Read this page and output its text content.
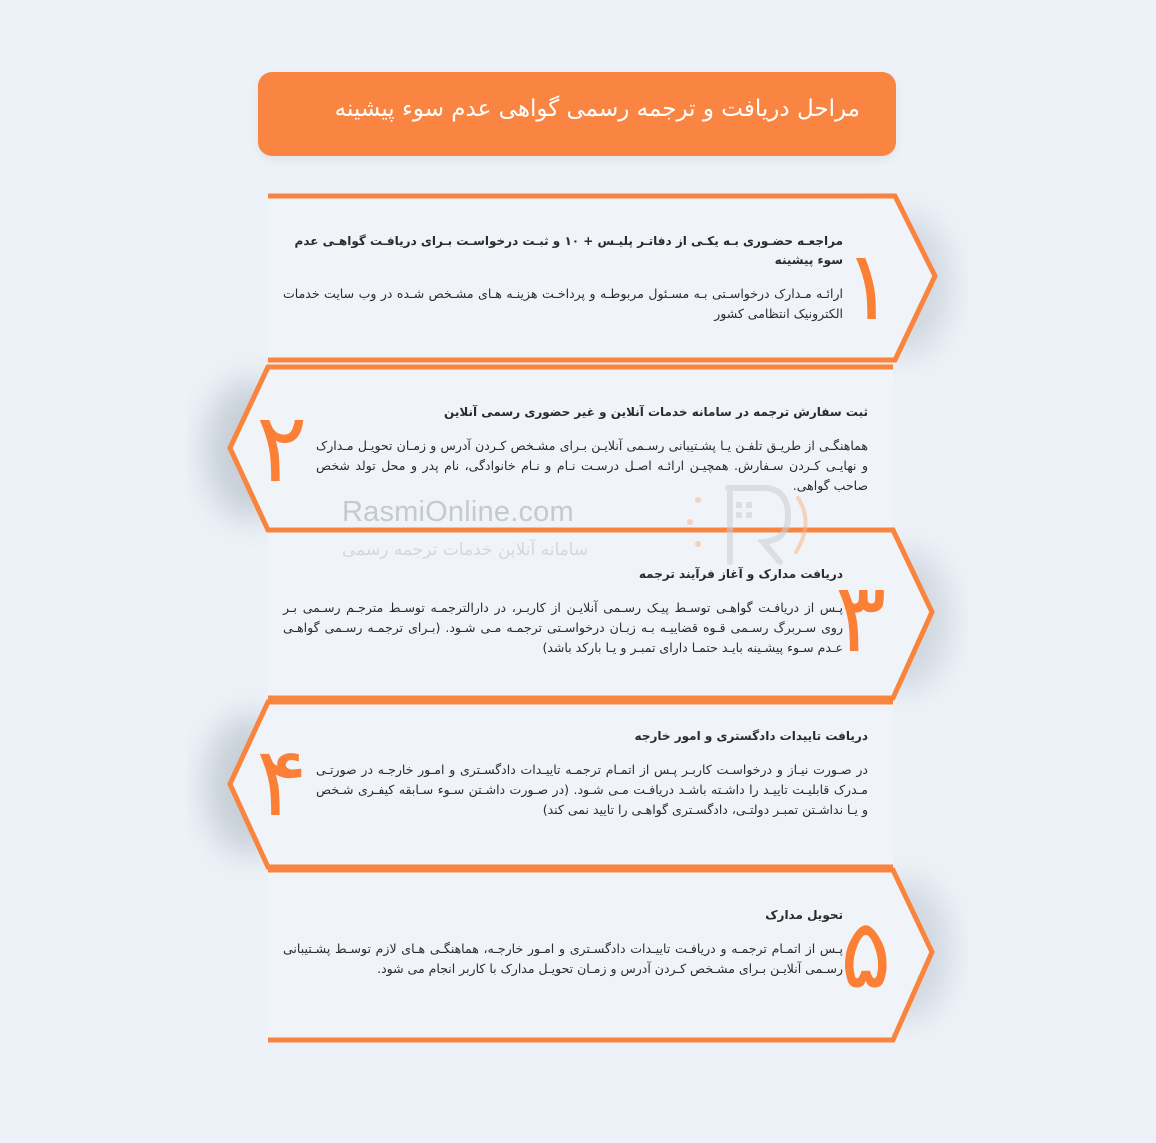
مراحل دریافت و ترجمه رسمی گواهی عدم سوء پیشینه

مراجعـه حضـوری بـه یکـی از دفاتـر پلیـس + ۱۰ و ثبـت درخواسـت بـرای دریافـت گواهـی عدم سوء پیشینه

ارائـه مـدارک درخواسـتی بـه مسـئول مربوطـه و پرداخـت هزینـه هـای مشـخص شـده در وب سایت خدمات الکترونیک انتظامی کشور ۱

ثبت سفارش ترجمه در سامانه خدمات آنلاین و غیر حضوری رسمی آنلاین

هماهنگـی از طریـق تلفـن یـا پشـتیبانی رسـمی آنلایـن بـرای مشـخص کـردن آدرس و زمـان تحویـل مـدارک و نهایـی کـردن سـفارش. همچیـن ارائـه اصـل درسـت نـام و نـام خانوادگی، نام پدر و محل تولد شخص صاحب گواهی.

۲

دریافت مدارک و آغاز فرآیند ترجمه

پـس از دریافـت گواهـی توسـط پیـک رسـمی آنلایـن از کاربـر، در دارالترجمـه توسـط مترجـم رسـمی بـر روی سـربرگ رسـمی قـوه قضاییـه بـه زبـان درخواسـتی ترجمـه مـی شـود. (بـرای ترجمـه رسـمی گواهـی عـدم سـوء پیشـینه بایـد حتمـا دارای تمبـر و یـا بارکد باشد)

۳

دریافت تاییدات دادگستری و امور خارجه

در صـورت نیـاز و درخواسـت کاربـر پـس از اتمـام ترجمـه تاییـدات دادگسـتری و امـور خارجـه در صورتـی مـدرک قابلیـت تاییـد را داشـته باشـد دریافـت مـی شـود. (در صـورت داشـتن سـوء سـابقه کیفـری شـخص و یـا نداشـتن تمبـر دولتـی، دادگسـتری گواهـی را تایید نمی کند)

۴

تحویل مدارک

پـس از اتمـام ترجمـه و دریافـت تاییـدات دادگسـتری و امـور خارجـه، هماهنگـی هـای لازم توسـط پشـتیبانی رسـمی آنلایـن بـرای مشـخص کـردن آدرس و زمـان تحویـل مدارک با کاربر انجام می شود.

۵
RasmiOnline.com
سامانه آنلاین خدمات ترجمه رسمی
